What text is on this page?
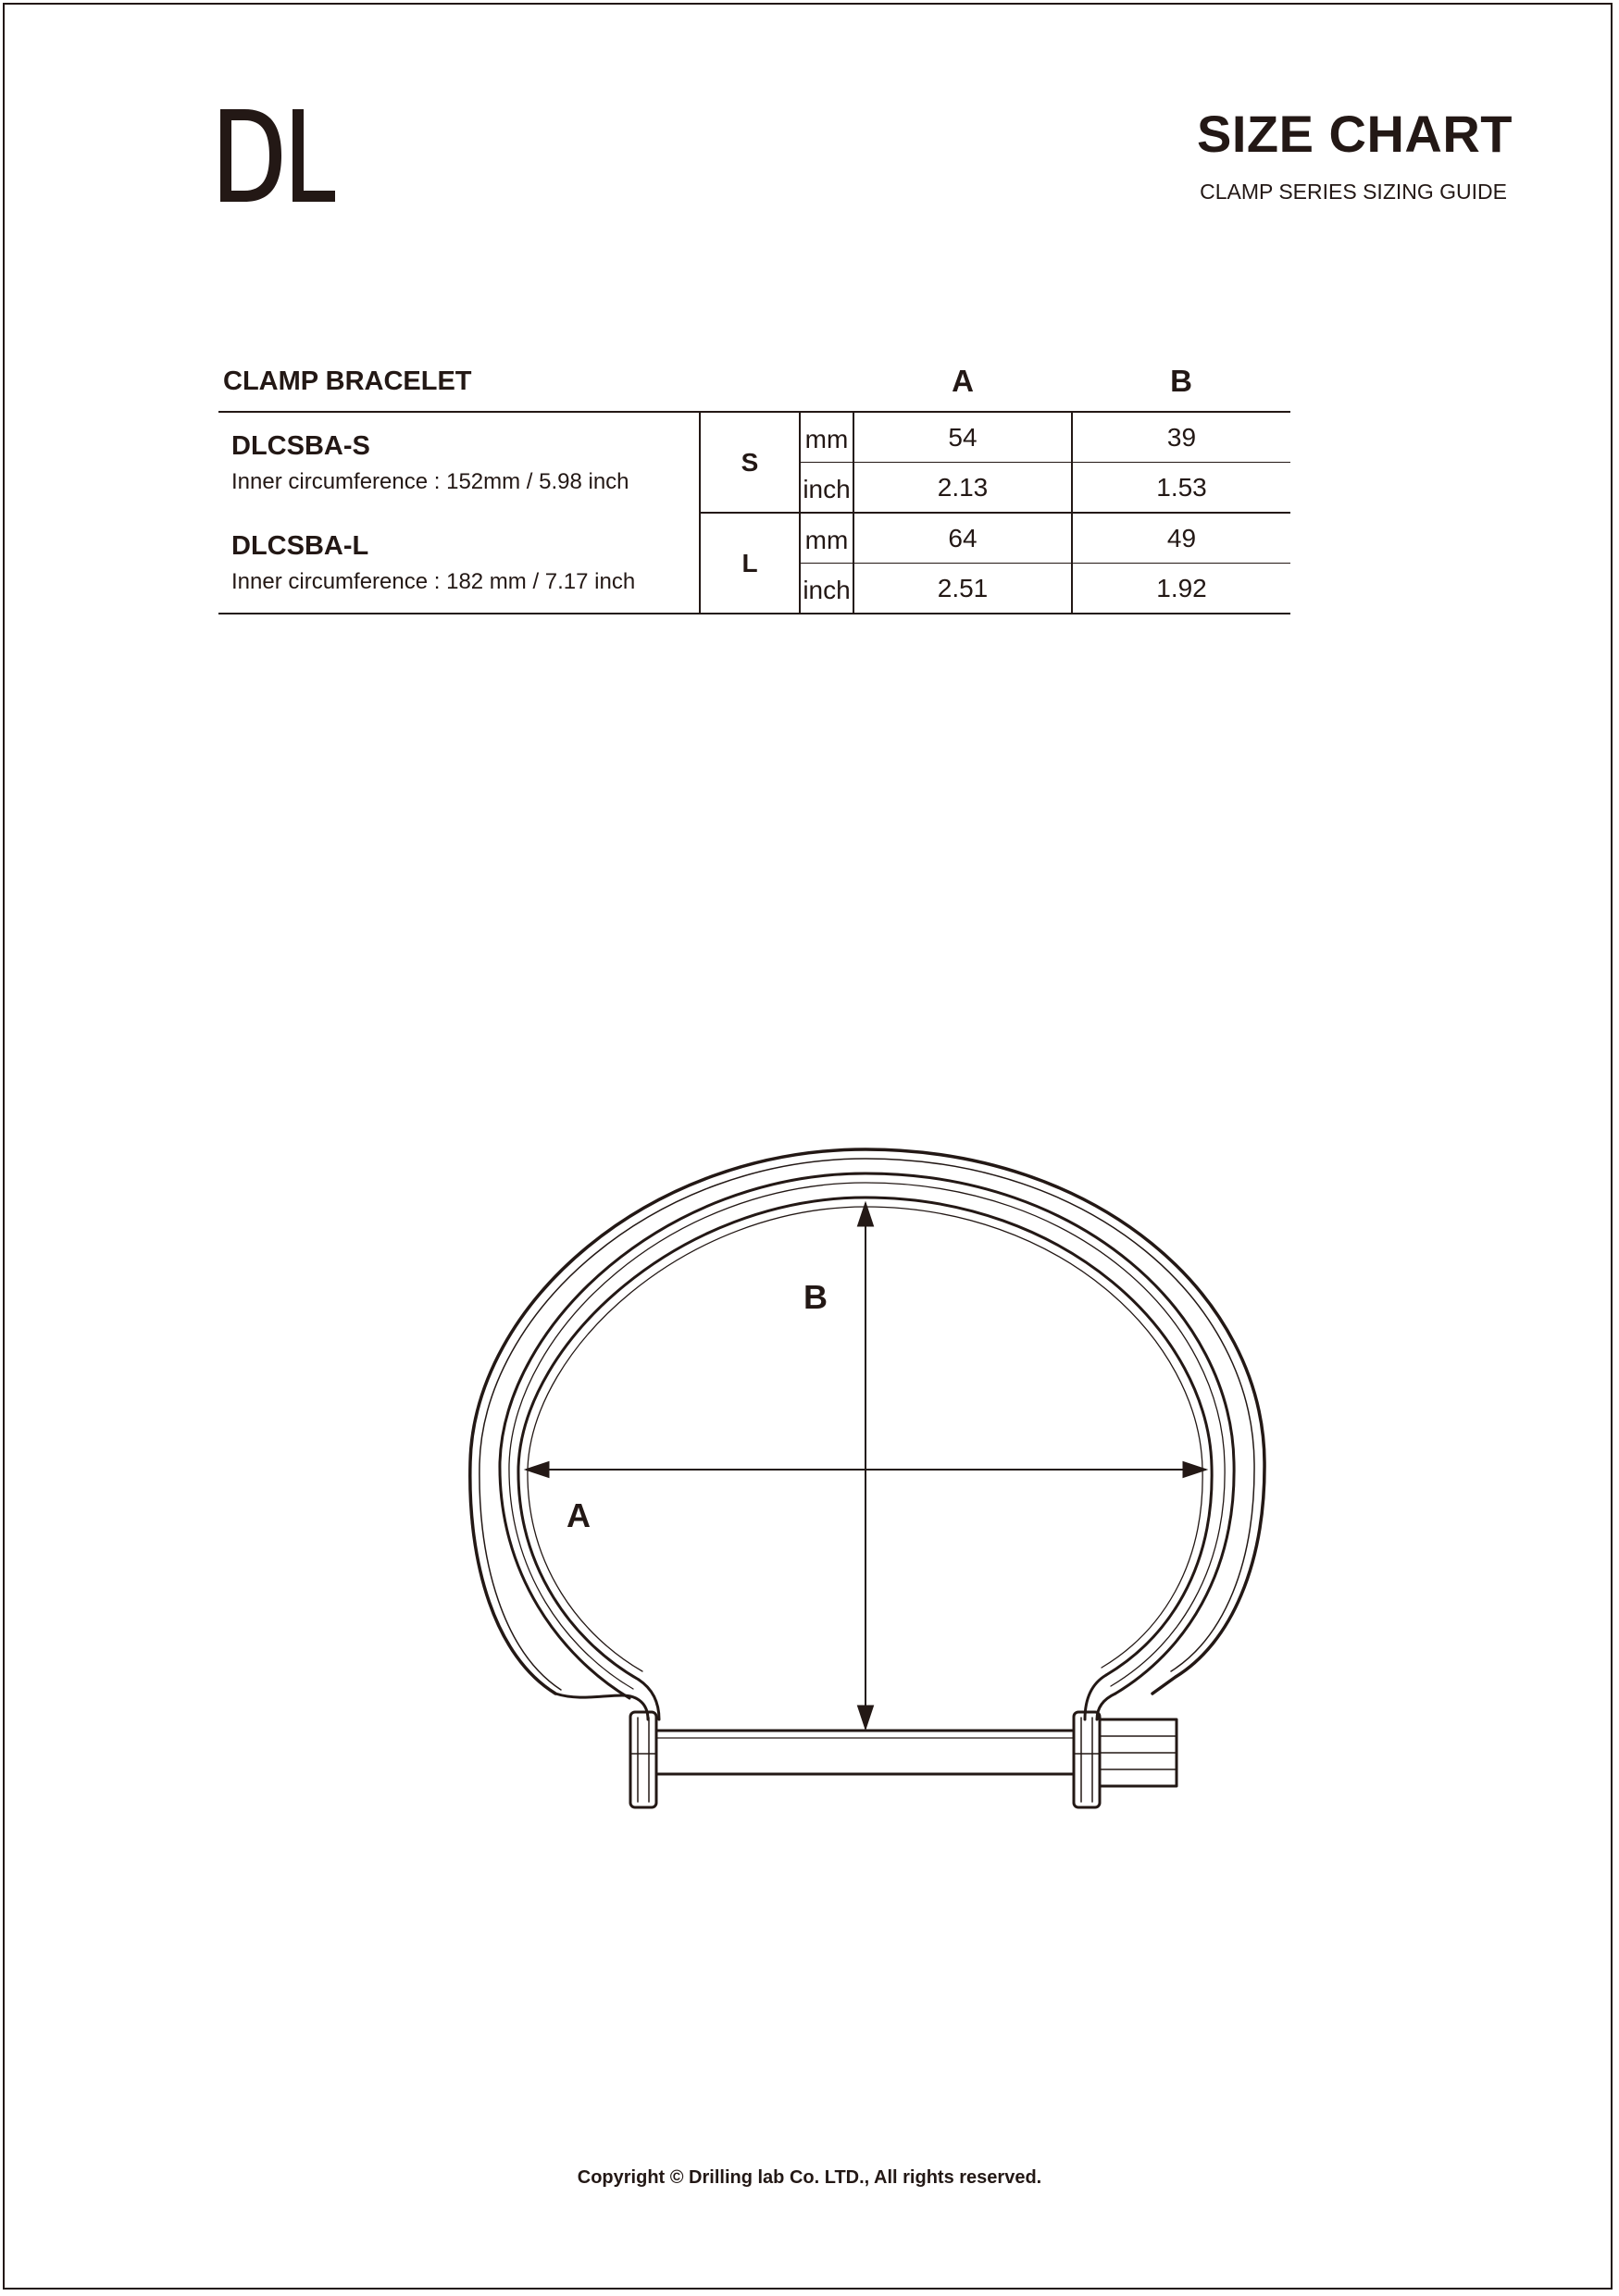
SIZE CHART
CLAMP SERIES SIZING GUIDE
CLAMP BRACELET			A	B

DLCSBA-S
Inner circumference : 152mm / 5.98 inch	S	mm	54	39

		inch	2.13	1.53

DLCSBA-L
Inner circumference : 182 mm / 7.17 inch	L	mm	64	49

		inch	2.51	1.92
A
B
Copyright © Drilling lab Co. LTD., All rights reserved.
